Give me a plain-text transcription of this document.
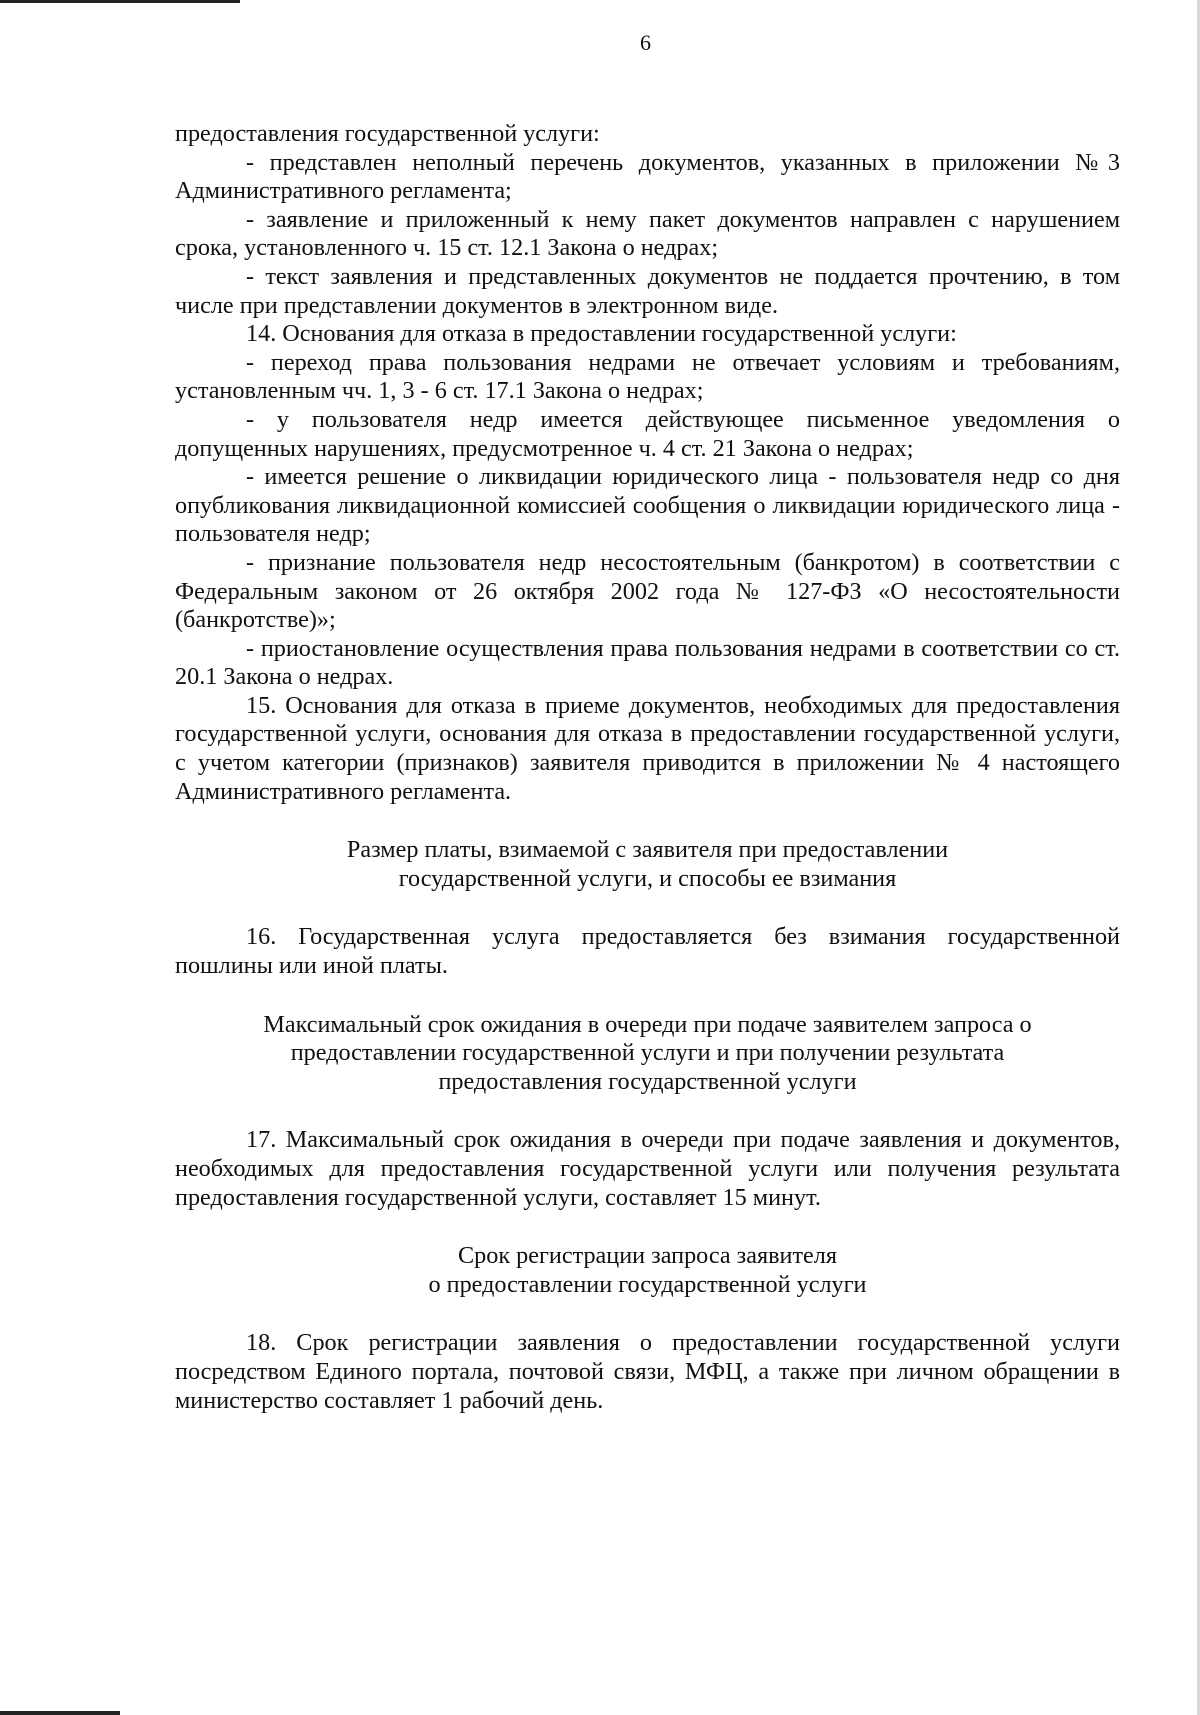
6

предоставления государственной услуги:

- представлен неполный перечень документов, указанных в приложении №3 Административного регламента;

- заявление и приложенный к нему пакет документов направлен с нарушением срока, установленного ч. 15 ст. 12.1 Закона о недрах;

- текст заявления и представленных документов не поддается прочтению, в том числе при представлении документов в электронном виде.

14. Основания для отказа в предоставлении государственной услуги:

- переход права пользования недрами не отвечает условиям и требованиям, установленным чч. 1, 3 - 6 ст. 17.1 Закона о недрах;

- у пользователя недр имеется действующее письменное уведомления о допущенных нарушениях, предусмотренное ч. 4 ст. 21 Закона о недрах;

- имеется решение о ликвидации юридического лица - пользователя недр со дня опубликования ликвидационной комиссией сообщения о ликвидации юридического лица - пользователя недр;

- признание пользователя недр несостоятельным (банкротом) в соответствии с Федеральным законом от 26 октября 2002 года № 127-ФЗ «О несостоятельности (банкротстве)»;

- приостановление осуществления права пользования недрами в соответствии со ст. 20.1 Закона о недрах.

15. Основания для отказа в приеме документов, необходимых для предоставления государственной услуги, основания для отказа в предоставлении государственной услуги, с учетом категории (признаков) заявителя приводится в приложении № 4 настоящего Административного регламента.

Размер платы, взимаемой с заявителя при предоставлении
государственной услуги, и способы ее взимания

16. Государственная услуга предоставляется без взимания государственной пошлины или иной платы.

Максимальный срок ожидания в очереди при подаче заявителем запроса о
предоставлении государственной услуги и при получении результата
предоставления государственной услуги

17. Максимальный срок ожидания в очереди при подаче заявления и документов, необходимых для предоставления государственной услуги или получения результата предоставления государственной услуги, составляет 15 минут.

Срок регистрации запроса заявителя
о предоставлении государственной услуги

18. Срок регистрации заявления о предоставлении государственной услуги посредством Единого портала, почтовой связи, МФЦ, а также при личном обращении в министерство составляет 1 рабочий день.
